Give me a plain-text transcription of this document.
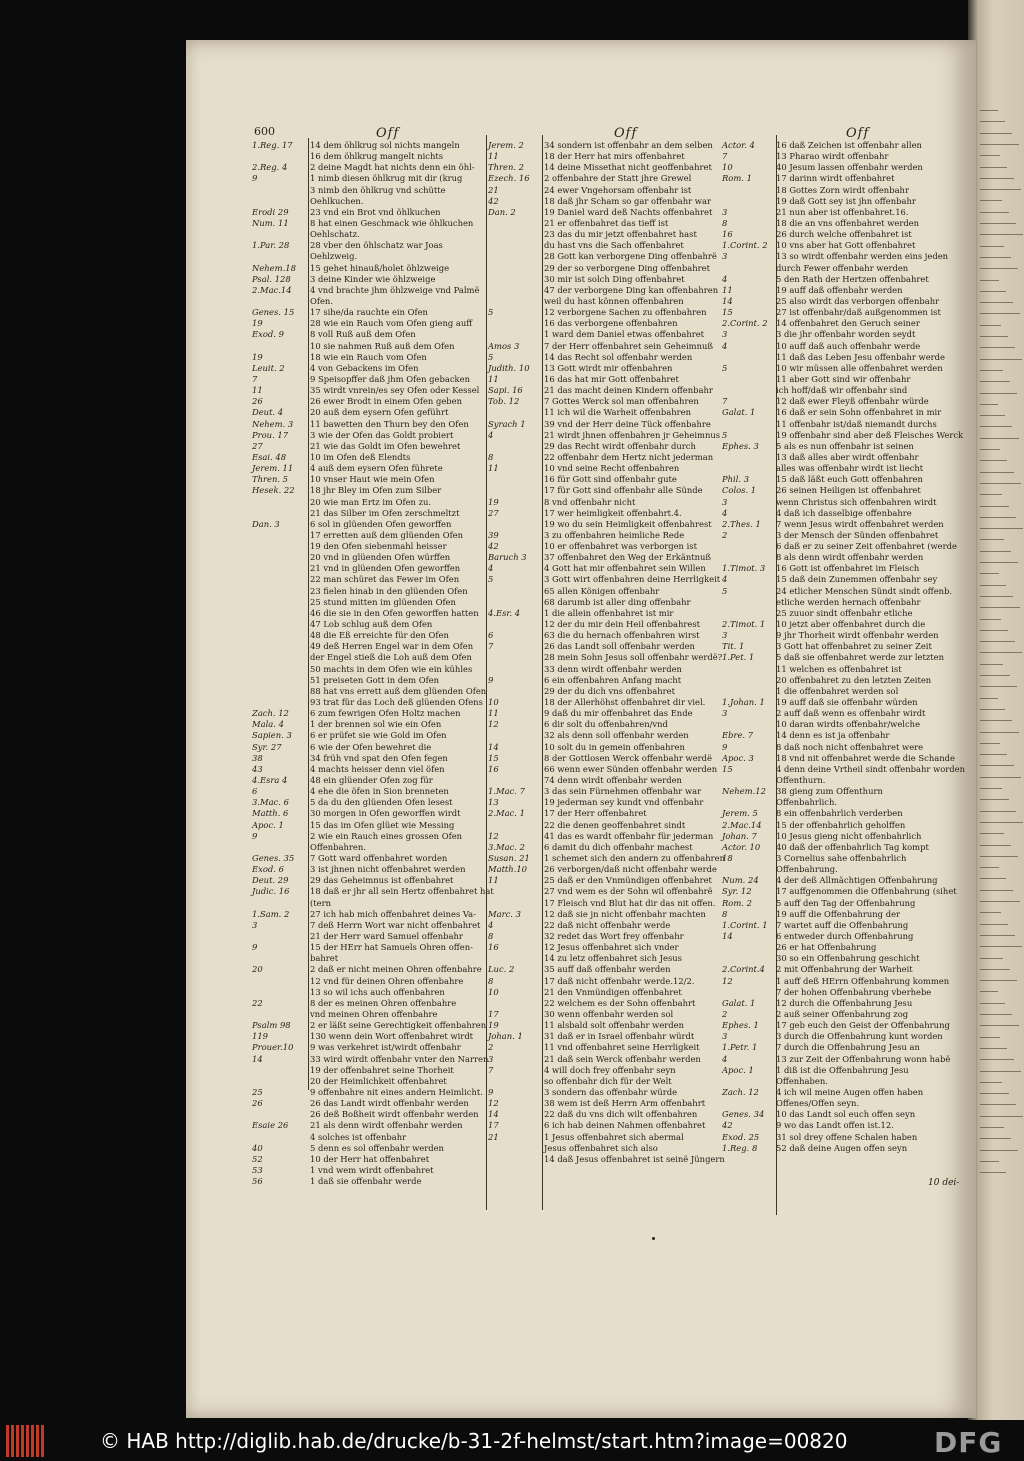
600	Off	Off	Off
1.Reg. 17	14 dem öhlkrug sol nichts mangeln
16 dem öhlkrug mangelt nichts
2.Reg. 4	2 deine Magdt hat nichts denn ein öhl-
9	1 nimb diesen öhlkrug mit dir (krug
3 nimb den öhlkrug vnd schütte
Oehlkuchen.
Erodi 29	23 vnd ein Brot vnd öhlkuchen
Num. 11	8 hat einen Geschmack wie öhlkuchen
Oehlschatz.
1.Par. 28	28 vber den öhlschatz war Joas
Oehlzweig.
Nehem.18	15 gehet hinauß/holet öhlzweige
Psal. 128	3 deine Kinder wie öhlzweige
2.Mac.14	4 vnd brachte jhm öhlzweige vnd Palmë
Ofen.
Genes. 15	17 sihe/da rauchte ein Ofen
19	28 wie ein Rauch vom Ofen gieng auff
Exod. 9	8 voll Ruß auß dem Ofen
10 sie nahmen Ruß auß dem Ofen
19	18 wie ein Rauch vom Ofen
Leuit. 2	4 von Gebackens im Ofen
7	9 Speisopffer daß jhm Ofen gebacken
11	35 wirdt vnrein/es sey Ofen oder Kessel
26	26 ewer Brodt in einem Ofen geben
Deut. 4	20 auß dem eysern Ofen geführt
Nehem. 3	11 bawetten den Thurn bey den Ofen
Prou. 17	3 wie der Ofen das Goldt probiert
27	21 wie das Goldt im Ofen bewehret
Esai. 48	10 im Ofen deß Elendts
Jerem. 11	4 auß dem eysern Ofen führete
Thren. 5	10 vnser Haut wie mein Ofen
Hesek. 22	18 jhr Bley im Ofen zum Silber
20 wie man Ertz im Ofen zu.
21 das Silber im Ofen zerschmeltzt
Dan. 3	6 sol in glüenden Ofen geworffen
17 erretten auß dem glüenden Ofen
19 den Ofen siebenmahl heisser
20 vnd in glüenden Ofen würffen
21 vnd in glüenden Ofen geworffen
22 man schüret das Fewer im Ofen
23 fielen hinab in den glüenden Ofen
25 stund mitten im glüenden Ofen
46 die sie in den Ofen geworffen hatten
47 Lob schlug auß dem Ofen
48 die Eß erreichte für den Ofen
49 deß Herren Engel war in dem Ofen
der Engel stieß die Loh auß dem Ofen
50 machts in dem Ofen wie ein kühles
51 preiseten Gott in dem Ofen
88 hat vns errett auß dem glüenden Ofen
93 trat für das Loch deß glüenden Ofens
Zach. 12	6 zum fewrigen Ofen Holtz machen
Mala. 4	1 der brennen sol wie ein Ofen
Sapien. 3	6 er prüfet sie wie Gold im Ofen
Syr. 27	6 wie der Ofen bewehret die
38	34 früh vnd spat den Ofen fegen
43	4 machts heisser denn viel öfen
4.Esra 4	48 ein glüender Ofen zog für
6	4 ehe die öfen in Sion brenneten
3.Mac. 6	5 da du den glüenden Ofen lesest
Matth. 6	30 morgen in Ofen geworffen wirdt
Apoc. 1	15 das im Ofen glüet wie Messing
9	2 wie ein Rauch eines grossen Ofen
Offenbahren.
Genes. 35	7 Gott ward offenbahret worden
Exod. 6	3 ist jhnen nicht offenbahret werden
Deut. 29	29 das Geheimnus ist offenbahret
Judic. 16	18 daß er jhr all sein Hertz offenbahret hat
(tern
1.Sam. 2	27 ich hab mich offenbahret deines Va-
3	7 deß Herrn Wort war nicht offenbahret
21 der Herr ward Samuel offenbahr
9	15 der HErr hat Samuels Ohren offen-
bahret
20	2 daß er nicht meinen Ohren offenbahre
12 vnd für deinen Ohren offenbahre
13 so wil ichs auch offenbahren
22	8 der es meinen Ohren offenbahre
vnd meinen Ohren offenbahre
Psalm 98	2 er läßt seine Gerechtigkeit offenbahren
119	130 wenn dein Wort offenbahret wirdt
Prouer.10	9 was verkehret ist/wirdt offenbahr
14	33 wird wirdt offenbahr vnter den Narren
19 der offenbahret seine Thorheit
20 der Heimlichkeit offenbahret
25	9 offenbahre nit eines andern Heimlicht.
26	26 das Landt wirdt offenbahr werden
26 deß Boßheit wirdt offenbahr werden
Esaie 26	21 als denn wirdt offenbahr werden
4 solches ist offenbahr
40	5 denn es sol offenbahr werden
52	10 der Herr hat offenbahret
53	1 vnd wem wirdt offenbahret
56	1 daß sie offenbahr werde
Jerem. 2	34 sondern ist offenbahr an dem selben
11	18 der Herr hat mirs offenbahret
Thren. 2	14 deine Missethat nicht geoffenbahret
Ezech. 16	2 offenbahre der Statt jhre Grewel
21	24 ewer Vngehorsam offenbahr ist
42	18 daß jhr Scham so gar offenbahr war
Dan. 2	19 Daniel ward deß Nachts offenbahret
21 er offenbahret das tieff ist
23 das du mir jetzt offenbahret hast
du hast vns die Sach offenbahret
28 Gott kan verborgene Ding offenbahrë
29 der so verborgene Ding offenbahret
30 mir ist solch Ding offenbahret
47 der verborgene Ding kan offenbahren
weil du hast können offenbahren
5	12 verborgene Sachen zu offenbahren
16 das verborgene offenbahren
1 ward dem Daniel etwas offenbahret
Amos 3	7 der Herr offenbahret sein Geheimnuß
5	14 das Recht sol offenbahr werden
Judith. 10	13 Gott wirdt mir offenbahren
11	16 das hat mir Gott offenbahret
Sapi. 16	21 das macht deinen Kindern offenbahr
Tob. 12	7 Gottes Werck sol man offenbahren
11 ich wil die Warheit offenbahren
Syrach 1	39 vnd der Herr deine Tück offenbahre
4	21 wirdt jhnen offenbahren jr Geheimnus
29 das Recht wirdt offenbahr durch
8	22 offenbahr dem Hertz nicht jederman
11	10 vnd seine Recht offenbahren
16 für Gott sind offenbahr gute
17 für Gott sind offenbahr alle Sünde
19	8 vnd offenbahr nicht
27	17 wer heimligkeit offenbahrt.4.
19 wo du sein Heimligkeit offenbahrest
39	3 zu offenbahren heimliche Rede
42	10 er offenbahret was verborgen ist
Baruch 3	37 offenbahret den Weg der Erkäntnuß
4	4 Gott hat mir offenbahret sein Willen
5	3 Gott wirt offenbahren deine Herrligkeit
65 allen Königen offenbahr
68 darumb ist aller ding offenbahr
4.Esr. 4	1 die allein offenbahret ist mir
12 der du mir dein Heil offenbahrest
6	63 die du hernach offenbahren wirst
7	26 das Landt soll offenbahr werden
28 mein Sohn Jesus soll offenbahr werdë?
33 denn wirdt offenbahr werden
9	6 ein offenbahren Anfang macht
29 der du dich vns offenbahret
10	18 der Allerhöhst offenbahret dir viel.
11	9 daß du mir offenbahret das Ende
12	6 dir solt du offenbahren/vnd
32 als denn soll offenbahr werden
14	10 solt du in gemein offenbahren
15	8 der Gottlosen Werck offenbahr werdë
16	66 wenn ewer Sünden offenbahr werden
74 denn wirdt offenbahr werden
1.Mac. 7	3 das sein Fürnehmen offenbahr war
13	19 jederman sey kundt vnd offenbahr
2.Mac. 1	17 der Herr offenbahret
22 die denen geoffenbahret sindt
12	41 das es wardt offenbahr für jederman
3.Mac. 2	6 damit du dich offenbahr machest
Susan. 21	1 schemet sich den andern zu offenbahren
Matth.10	26 verborgen/daß nicht offenbahr werde
11	25 daß er den Vnmündigen offenbahret
27 vnd wem es der Sohn wil offenbahrë
17 Fleisch vnd Blut hat dir das nit offen.
Marc. 3	12 daß sie jn nicht offenbahr machten
4	22 daß nicht offenbahr werde
8	32 redet das Wort frey offenbahr
16	12 Jesus offenbahret sich vnder
14 zu letz offenbahret sich Jesus
Luc. 2	35 auff daß offenbahr werden
8	17 daß nicht offenbahr werde.12/2.
10	21 den Vnmündigen offenbahret
22 welchem es der Sohn offenbahrt
17	30 wenn offenbahr werden sol
19	11 alsbald solt offenbahr werden
Johan. 1	31 daß er in Israel offenbahr würdt
2	11 vnd offenbahret seine Herrligkeit
3	21 daß sein Werck offenbahr werden
7	4 will doch frey offenbahr seyn
so offenbahr dich für der Welt
9	3 sondern das offenbahr würde
12	38 wem ist deß Herrn Arm offenbahrt
14	22 daß du vns dich wilt offenbahren
17	6 ich hab deinen Nahmen offenbahret
21	1 Jesus offenbahret sich abermal
Jesus offenbahret sich also
14 daß Jesus offenbahret ist seinë Jüngern
Actor. 4	16 daß Zeichen ist offenbahr allen
7	13 Pharao wirdt offenbahr
10	40 Jesum lassen offenbahr werden
Rom. 1	17 darinn wirdt offenbahret
18 Gottes Zorn wirdt offenbahr
19 daß Gott sey ist jhn offenbahr
3	21 nun aber ist offenbahret.16.
8	18 die an vns offenbahret werden
16	26 durch welche offenbahret ist
1.Corint. 2	10 vns aber hat Gott offenbahret
3	13 so wirdt offenbahr werden eins jeden
durch Fewer offenbahr werden
4	5 den Rath der Hertzen offenbahret
11	19 auff daß offenbahr werden
14	25 also wirdt das verborgen offenbahr
15	27 ist offenbahr/daß außgenommen ist
2.Corint. 2	14 offenbahret den Geruch seiner
3	3 die jhr offenbahr worden seydt
4	10 auff daß auch offenbahr werde
11 daß das Leben Jesu offenbahr werde
5	10 wir müssen alle offenbahret werden
11 aber Gott sind wir offenbahr
ich hoff/daß wir offenbahr sind
7	12 daß ewer Fleyß offenbahr würde
Galat. 1	16 daß er sein Sohn offenbahret in mir
11 offenbahr ist/daß niemandt durchs
5	19 offenbahr sind aber deß Fleisches Werck
Ephes. 3	5 als es nun offenbahr ist seinen
13 daß alles aber wirdt offenbahr
alles was offenbahr wirdt ist liecht
Phil. 3	15 daß läßt euch Gott offenbahren
Colos. 1	26 seinen Heiligen ist offenbahret
3	wenn Christus sich offenbahren wirdt
4	4 daß ich dasselbige offenbahre
2.Thes. 1	7 wenn Jesus wirdt offenbahret werden
2	3 der Mensch der Sünden offenbahret
6 daß er zu seiner Zeit offenbahret (werde
8 als denn wirdt offenbahr werden
1.Timot. 3	16 Gott ist offenbahret im Fleisch
4	15 daß dein Zunemmen offenbahr sey
5	24 etlicher Menschen Sündt sindt offenb.
etliche werden hernach offenbahr
25 zuuor sindt offenbahr etliche
2.Timot. 1	10 jetzt aber offenbahret durch die
3	9 jhr Thorheit wirdt offenbahr werden
Tit. 1	3 Gott hat offenbahret zu seiner Zeit
1.Pet. 1	5 daß sie offenbahret werde zur letzten
11 welchen es offenbahret ist
20 offenbahret zu den letzten Zeiten
1 die offenbahret werden sol
1.Johan. 1	19 auff daß sie offenbahr würden
3	2 auff daß wenn es offenbahr wirdt
10 daran wirdts offenbahr/welche
Ebre. 7	14 denn es ist ja offenbahr
9	8 daß noch nicht offenbahret were
Apoc. 3	18 vnd nit offenbahret werde die Schande
15	4 denn deine Vrtheil sindt offenbahr worden
Offenthurn.
Nehem.12	38 gieng zum Offenthurn
Offenbahrlich.
Jerem. 5	8 ein offenbahrlich verderben
2.Mac.14	15 der offenbahrlich geholffen
Johan. 7	10 Jesus gieng nicht offenbahrlich
Actor. 10	40 daß der offenbahrlich Tag kompt
18	3 Cornelius sahe offenbahrlich
Offenbahrung.
Num. 24	4 der deß Allmächtigen Offenbahrung
Syr. 12	17 auffgenommen die Offenbahrung (sihet
Rom. 2	5 auff den Tag der Offenbahrung
8	19 auff die Offenbahrung der
1.Corint. 1	7 wartet auff die Offenbahrung
14	6 entweder durch Offenbahrung
26 er hat Offenbahrung
30 so ein Offenbahrung geschicht
2.Corint.4	2 mit Offenbahrung der Warheit
12	1 auff deß HErrn Offenbahrung kommen
7 der hohen Offenbahrung vberhebe
Galat. 1	12 durch die Offenbahrung Jesu
2	2 auß seiner Offenbahrung zog
Ephes. 1	17 geb euch den Geist der Offenbahrung
3	3 durch die Offenbahrung kunt worden
1.Petr. 1	7 durch die Offenbahrung Jesu an
4	13 zur Zeit der Offenbahrung wonn habë
Apoc. 1	1 diß ist die Offenbahrung Jesu
Offenhaben.
Zach. 12	4 ich wil meine Augen offen haben
Offenes/Offen seyn.
Genes. 34	10 das Landt sol euch offen seyn
42	9 wo das Landt offen ist.12.
Exod. 25	31 sol drey offene Schalen haben
1.Reg. 8	52 daß deine Augen offen seyn
10 dei-
© HAB http://diglib.hab.de/drucke/b-31-2f-helmst/start.htm?image=00820	DFG
